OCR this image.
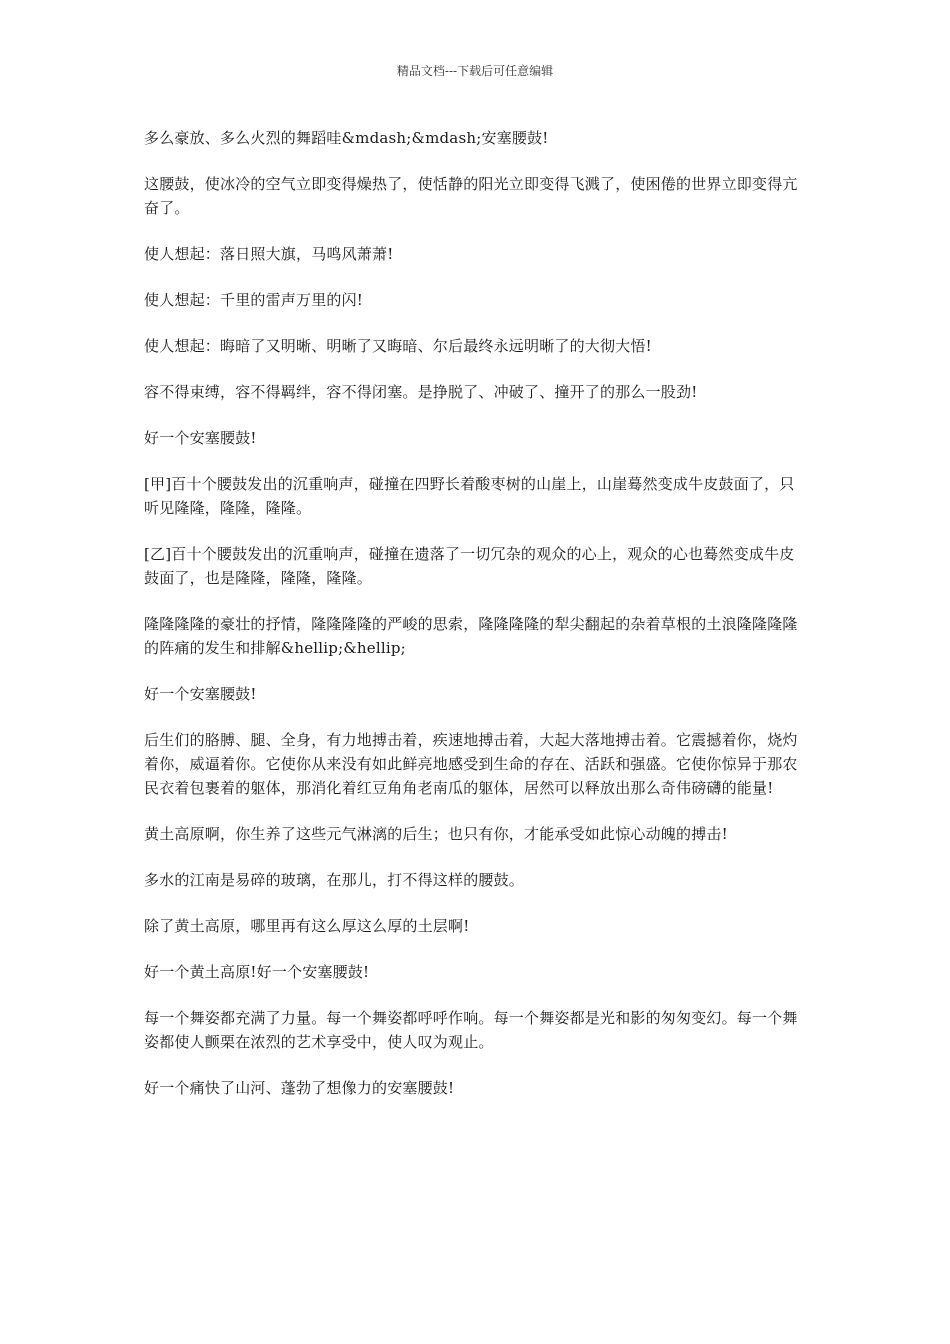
精品文档---下载后可任意编辑

多么豪放、多么火烈的舞蹈哇&mdash;&mdash;安塞腰鼓!

这腰鼓，使冰冷的空气立即变得燥热了，使恬静的阳光立即变得飞溅了，使困倦的世界立即变得亢奋了。

使人想起：落日照大旗，马鸣风萧萧!

使人想起：千里的雷声万里的闪!

使人想起：晦暗了又明晰、明晰了又晦暗、尔后最终永远明晰了的大彻大悟!

容不得束缚，容不得羁绊，容不得闭塞。是挣脱了、冲破了、撞开了的那么一股劲!

好一个安塞腰鼓!

[甲]百十个腰鼓发出的沉重响声，碰撞在四野长着酸枣树的山崖上，山崖蓦然变成牛皮鼓面了，只听见隆隆，隆隆，隆隆。

[乙]百十个腰鼓发出的沉重响声，碰撞在遗落了一切冗杂的观众的心上，观众的心也蓦然变成牛皮鼓面了，也是隆隆，隆隆，隆隆。

隆隆隆隆的豪壮的抒情，隆隆隆隆的严峻的思索，隆隆隆隆的犁尖翻起的杂着草根的土浪隆隆隆隆的阵痛的发生和排解&hellip;&hellip;

好一个安塞腰鼓!

后生们的胳膊、腿、全身，有力地搏击着，疾速地搏击着，大起大落地搏击着。它震撼着你，烧灼着你，威逼着你。它使你从来没有如此鲜亮地感受到生命的存在、活跃和强盛。它使你惊异于那农民衣着包裹着的躯体，那消化着红豆角角老南瓜的躯体，居然可以释放出那么奇伟磅礴的能量!

黄土高原啊，你生养了这些元气淋漓的后生；也只有你，才能承受如此惊心动魄的搏击!

多水的江南是易碎的玻璃，在那儿，打不得这样的腰鼓。

除了黄土高原，哪里再有这么厚这么厚的土层啊!

好一个黄土高原!好一个安塞腰鼓!

每一个舞姿都充满了力量。每一个舞姿都呼呼作响。每一个舞姿都是光和影的匆匆变幻。每一个舞姿都使人颤栗在浓烈的艺术享受中，使人叹为观止。

好一个痛快了山河、蓬勃了想像力的安塞腰鼓!
